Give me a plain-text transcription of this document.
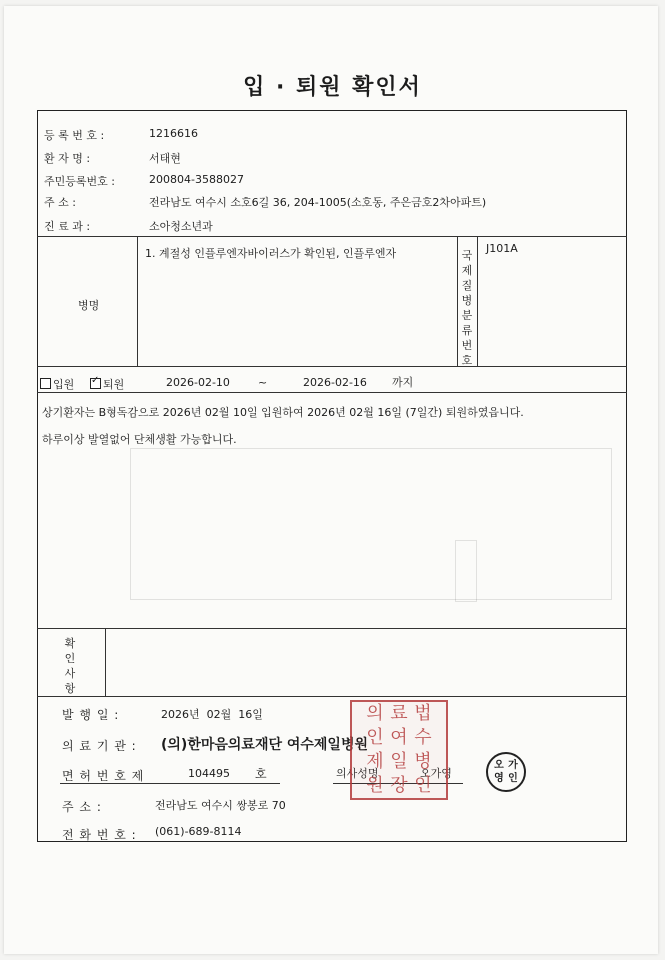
입 · 퇴원 확인서
등 록 번 호 :	1216616
환 자 명 :	서태현
주민등록번호 :	200804-3588027
주 소 :	전라남도 여수시 소호6길 36, 204-1005(소호동, 주은금호2차아파트)
진 료 과 :	소아청소년과
병명
1. 계절성 인플루엔자바이러스가 확인된, 인플루엔자	국제질병분류번호
J101A
입원
✓	퇴원	2026-02-10	~	2026-02-16 까지
상기환자는 B형독감으로 2026년 02월 10일 입원하여 2026년 02월 16일 (7일간) 퇴원하였읍니다.
하루이상 발열없어 단체생활 가능합니다.
확인사항
발 행 일 :	2026년 02월 16일
의 료 기 관 : (의)한마음의료재단 여수제일병원
면 허 번 호 제	104495 호	의사성명	오가영
주 소 :	전라남도 여수시 쌍봉로 70
전 화 번 호 : (061)-689-8114
의 료 법
인 여 수
제 일 병
원 장 인
오 가
영 인
